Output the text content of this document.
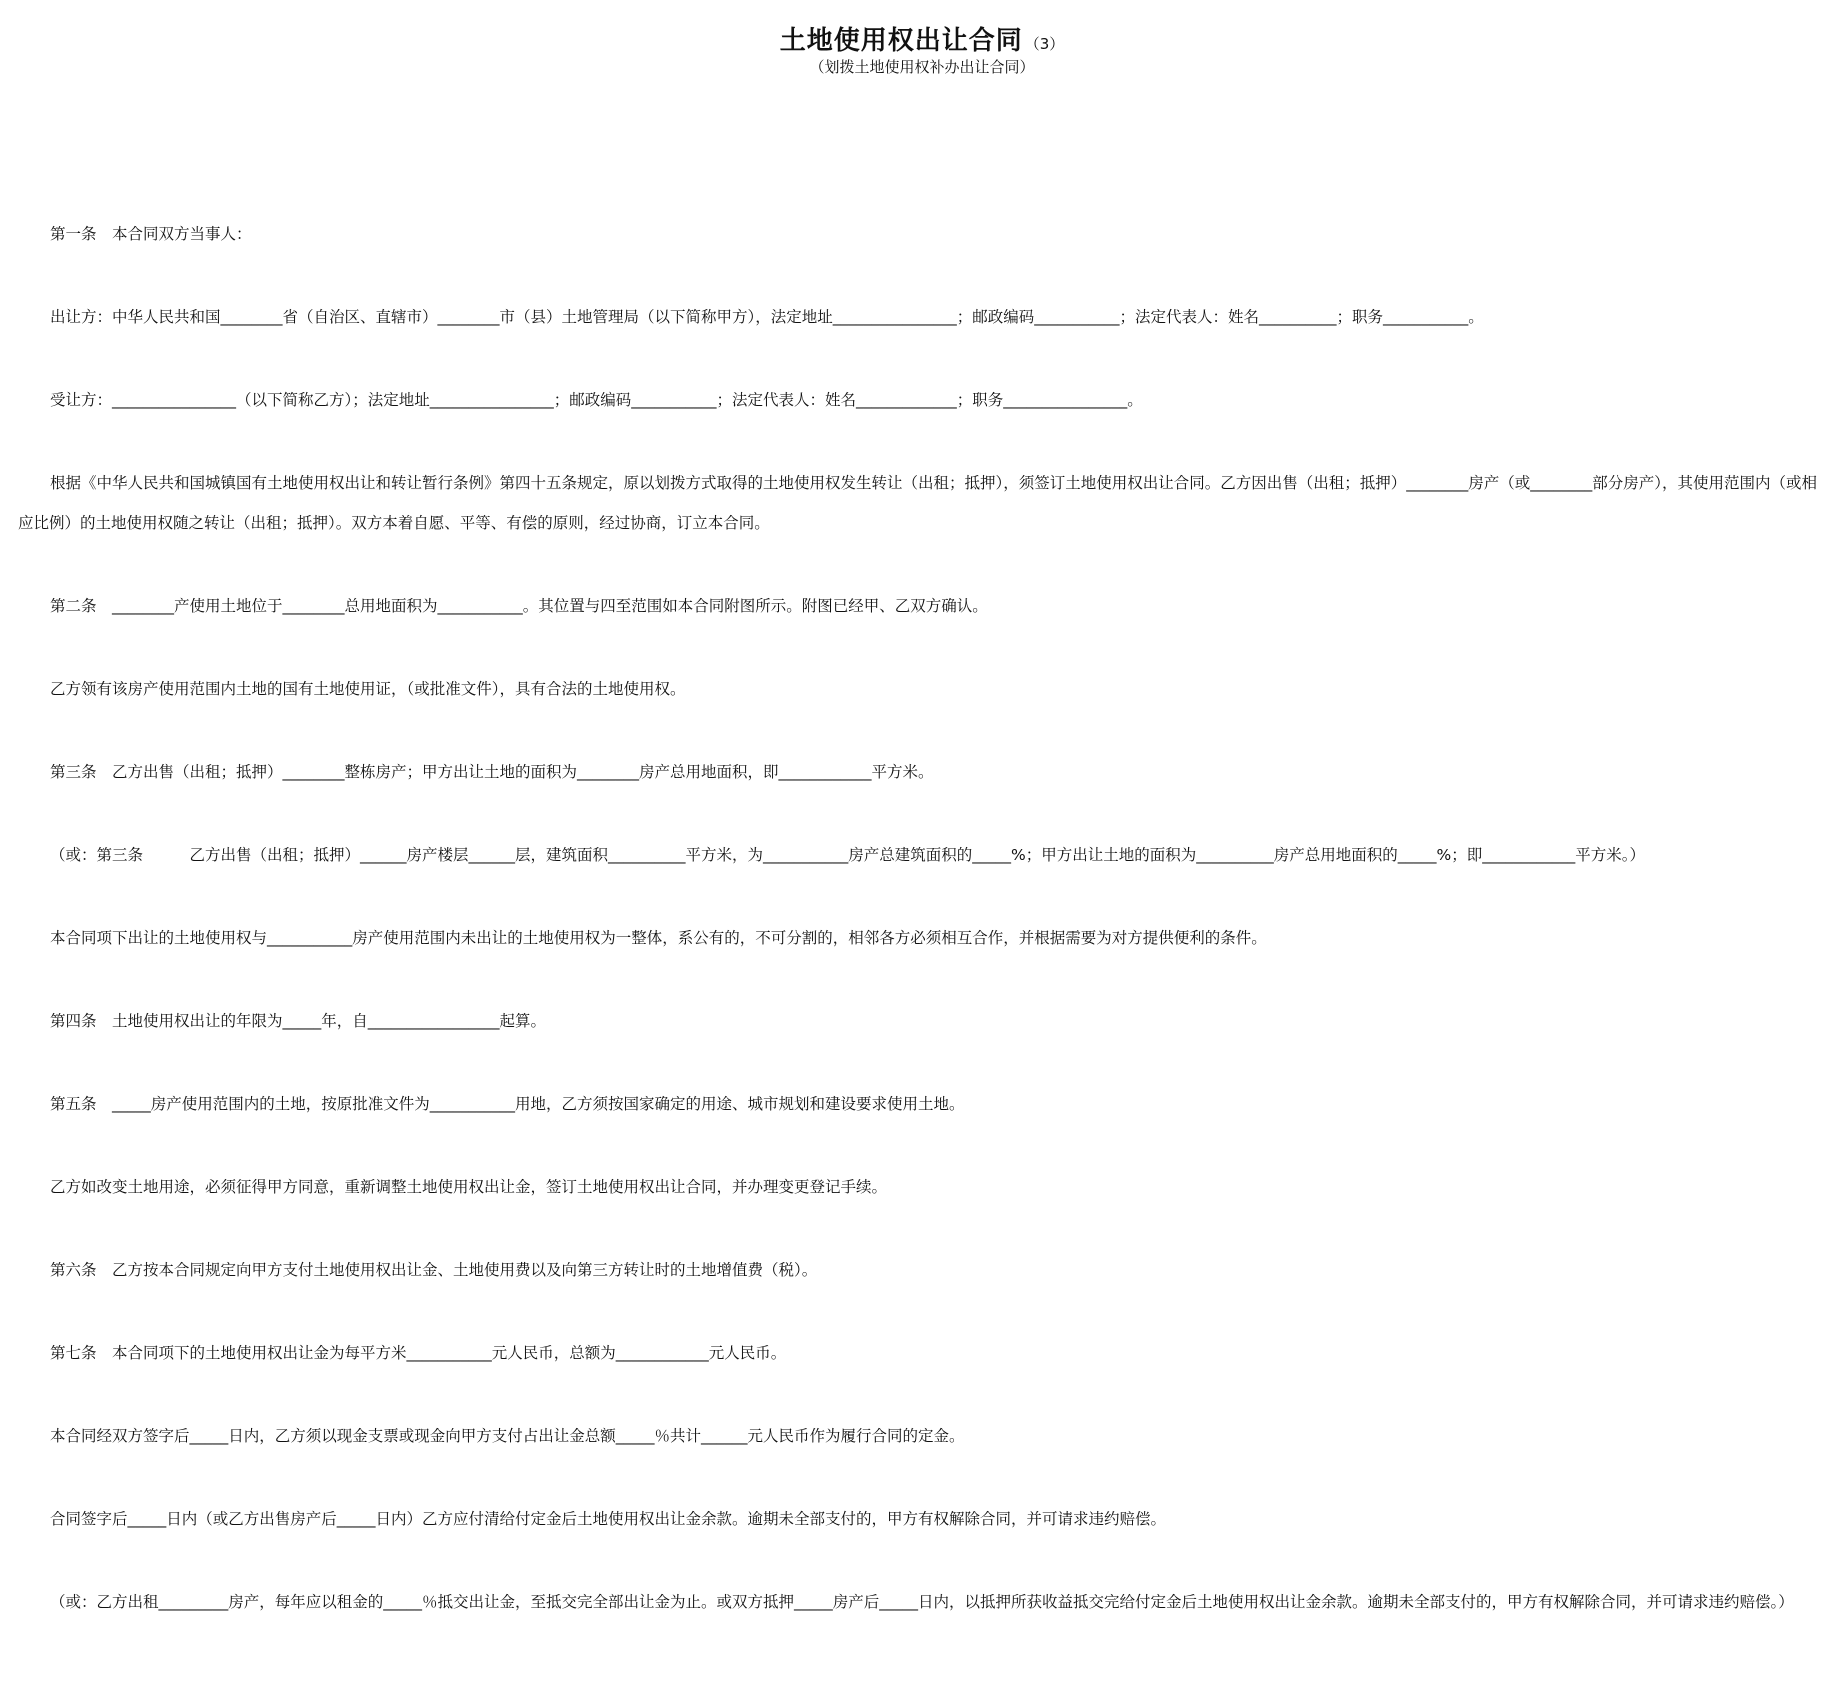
土地使用权出让合同 （3）

（划拨土地使用权补办出让合同）

第一条　本合同双方当事人：

出让方：中华人民共和国________省（自治区、直辖市）________市（县）土地管理局（以下简称甲方），法定地址________________；邮政编码___________；法定代表人：姓名__________；职务___________。

受让方：________________（以下简称乙方）；法定地址________________；邮政编码___________；法定代表人：姓名_____________；职务________________。

根据《中华人民共和国城镇国有土地使用权出让和转让暂行条例》第四十五条规定，原以划拨方式取得的土地使用权发生转让（出租；抵押），须签订土地使用权出让合同。乙方因出售（出租；抵押）________房产（或________部分房产），其使用范围内（或相应比例）的土地使用权随之转让（出租；抵押）。双方本着自愿、平等、有偿的原则，经过协商，订立本合同。

第二条　________产使用土地位于________总用地面积为___________。其位置与四至范围如本合同附图所示。附图已经甲、乙双方确认。

乙方领有该房产使用范围内土地的国有土地使用证，（或批准文件），具有合法的土地使用权。

第三条　乙方出售（出租；抵押）________整栋房产；甲方出让土地的面积为________房产总用地面积，即____________平方米。

（或：第三条　　　乙方出售（出租；抵押）______房产楼层______层，建筑面积__________平方米，为___________房产总建筑面积的_____%；甲方出让土地的面积为__________房产总用地面积的_____%；即____________平方米。）

本合同项下出让的土地使用权与___________房产使用范围内未出让的土地使用权为一整体，系公有的，不可分割的，相邻各方必须相互合作，并根据需要为对方提供便利的条件。

第四条　土地使用权出让的年限为_____年，自_________________起算。

第五条　_____房产使用范围内的土地，按原批准文件为___________用地，乙方须按国家确定的用途、城市规划和建设要求使用土地。

乙方如改变土地用途，必须征得甲方同意，重新调整土地使用权出让金，签订土地使用权出让合同，并办理变更登记手续。

第六条　乙方按本合同规定向甲方支付土地使用权出让金、土地使用费以及向第三方转让时的土地增值费（税）。

第七条　本合同项下的土地使用权出让金为每平方米___________元人民币，总额为____________元人民币。

本合同经双方签字后_____日内，乙方须以现金支票或现金向甲方支付占出让金总额_____％共计______元人民币作为履行合同的定金。

合同签字后_____日内（或乙方出售房产后_____日内）乙方应付清给付定金后土地使用权出让金余款。逾期未全部支付的，甲方有权解除合同，并可请求违约赔偿。

（或：乙方出租_________房产，每年应以租金的_____％抵交出让金，至抵交完全部出让金为止。或双方抵押_____房产后_____日内，以抵押所获收益抵交完给付定金后土地使用权出让金余款。逾期未全部支付的，甲方有权解除合同，并可请求违约赔偿。）
